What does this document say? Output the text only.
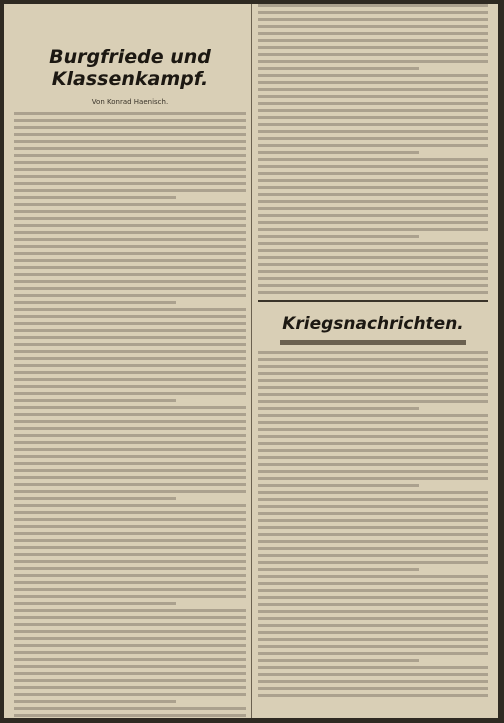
Burgfriede und Klassenkampf.
Von Konrad Haenisch.
Kriegsnachrichten.
